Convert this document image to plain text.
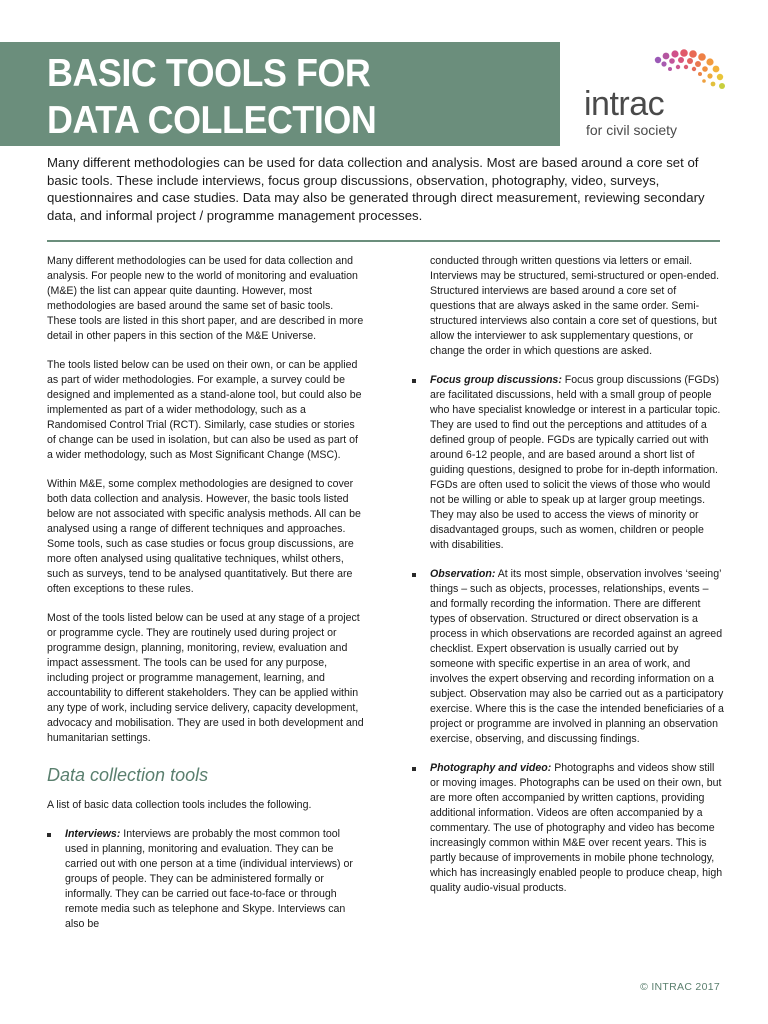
BASIC TOOLS FOR
DATA COLLECTION	intrac
for civil society

Many different methodologies can be used for data collection and analysis. Most are based around a core set of basic tools. These include interviews, focus group discussions, observation, photography, video, surveys, questionnaires and case studies. Data may also be generated through direct measurement, reviewing secondary data, and informal project / programme management processes.

Many different methodologies can be used for data collection and analysis. For people new to the world of monitoring and evaluation (M&E) the list can appear quite daunting. However, most methodologies are based around the same set of basic tools. These tools are listed in this short paper, and are described in more detail in other papers in this section of the M&E Universe.

The tools listed below can be used on their own, or can be applied as part of wider methodologies. For example, a survey could be designed and implemented as a stand-alone tool, but could also be implemented as part of a wider methodology, such as a Randomised Control Trial (RCT). Similarly, case studies or stories of change can be used in isolation, but can also be used as part of a wider methodology, such as Most Significant Change (MSC).

Within M&E, some complex methodologies are designed to cover both data collection and analysis. However, the basic tools listed below are not associated with specific analysis methods. All can be analysed using a range of different techniques and approaches. Some tools, such as case studies or focus group discussions, are more often analysed using qualitative techniques, whilst others, such as surveys, tend to be analysed quantitatively. But there are often exceptions to these rules.

Most of the tools listed below can be used at any stage of a project or programme cycle. They are routinely used during project or programme design, planning, monitoring, review, evaluation and impact assessment. The tools can be used for any purpose, including project or programme management, learning, and accountability to different stakeholders. They can be applied within any type of work, including service delivery, capacity development, advocacy and mobilisation. They are used in both development and humanitarian settings.

Data collection tools

A list of basic data collection tools includes the following.

Interviews: Interviews are probably the most common tool used in planning, monitoring and evaluation. They can be carried out with one person at a time (individual interviews) or groups of people. They can be administered formally or informally. They can be carried out face-to-face or through remote media such as telephone and Skype. Interviews can also be

conducted through written questions via letters or email. Interviews may be structured, semi-structured or open-ended. Structured interviews are based around a core set of questions that are always asked in the same order. Semi-structured interviews also contain a core set of questions, but allow the interviewer to ask supplementary questions, or change the order in which questions are asked.

Focus group discussions: Focus group discussions (FGDs) are facilitated discussions, held with a small group of people who have specialist knowledge or interest in a particular topic. They are used to find out the perceptions and attitudes of a defined group of people. FGDs are typically carried out with around 6-12 people, and are based around a short list of guiding questions, designed to probe for in-depth information. FGDs are often used to solicit the views of those who would not be willing or able to speak up at larger group meetings. They may also be used to access the views of minority or disadvantaged groups, such as women, children or people with disabilities.
Observation: At its most simple, observation involves ‘seeing’ things – such as objects, processes, relationships, events – and formally recording the information. There are different types of observation. Structured or direct observation is a process in which observations are recorded against an agreed checklist. Expert observation is usually carried out by someone with specific expertise in an area of work, and involves the expert observing and recording information on a subject. Observation may also be carried out as a participatory exercise. Where this is the case the intended beneficiaries of a project or programme are involved in planning an observation exercise, observing, and discussing findings.
Photography and video: Photographs and videos show still or moving images. Photographs can be used on their own, but are more often accompanied by written captions, providing additional information. Videos are often accompanied by a commentary. The use of photography and video has become increasingly common within M&E over recent years. This is partly because of improvements in mobile phone technology, which has increasingly enabled people to produce cheap, high quality audio-visual products.
© INTRAC 2017
